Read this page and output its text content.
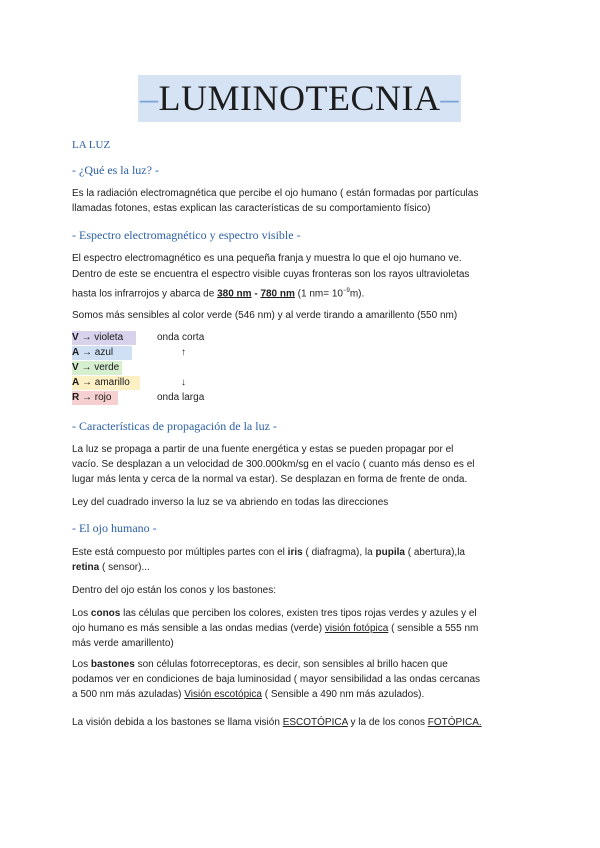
–LUMINOTECNIA–
LA LUZ
- ¿Qué es la luz? -
Es la radiación electromagnética que percibe el ojo humano ( están formadas por partículas
llamadas fotones, estas explican las características de su comportamiento físico)
- Espectro electromagnético y espectro visible -
El espectro electromagnético es una pequeña franja y muestra lo que el ojo humano ve.
Dentro de este se encuentra el espectro visible cuyas fronteras son los rayos ultravioletas
hasta los infrarrojos y abarca de 380 nm - 780 nm (1 $nm= 10^{-9}m$).
Somos más sensibles al color verde (546 nm) y al verde tirando a amarillento (550 nm)
V → violeta
A → azul
V → verde
A → amarillo
R → rojo
onda corta
↑
↓
onda larga
- Características de propagación de la luz -
La luz se propaga a partir de una fuente energética y estas se pueden propagar por el
vacío. Se desplazan a un velocidad de 300.000km/sg en el vacío ( cuanto más denso es el
lugar más lenta y cerca de la normal va estar). Se desplazan en forma de frente de onda.
Ley del cuadrado inverso la luz se va abriendo en todas las direcciones
- El ojo humano -
Este está compuesto por múltiples partes con el iris ( diafragma), la pupila ( abertura),la
retina ( sensor)...
Dentro del ojo están los conos y los bastones:
Los conos las células que perciben los colores, existen tres tipos rojas verdes y azules y el
ojo humano es más sensible a las ondas medias (verde) visión fotópica ( sensible a 555 nm
más verde amarillento)
Los bastones son células fotorreceptoras, es decir, son sensibles al brillo hacen que
podamos ver en condiciones de baja luminosidad ( mayor sensibilidad a las ondas cercanas
a 500 nm más azuladas) Visión escotópica ( Sensible a 490 nm más azulados).
La visión debida a los bastones se llama visión ESCOTÓPICA y la de los conos FOTÓPICA.
